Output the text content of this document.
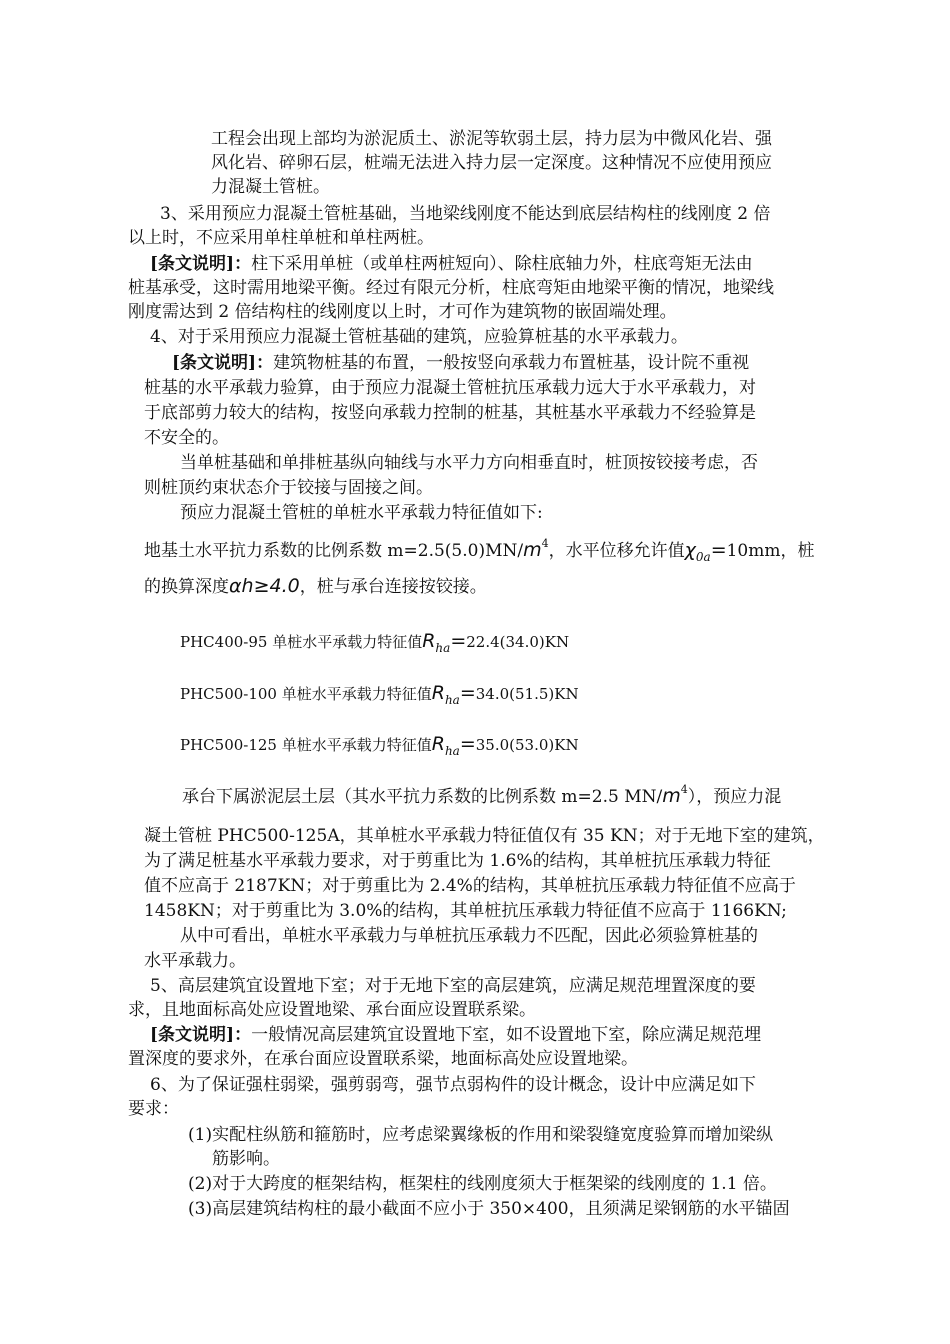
工程会出现上部均为淤泥质土、淤泥等软弱土层，持力层为中微风化岩、强
风化岩、碎卵石层，桩端无法进入持力层一定深度。这种情况不应使用预应
力混凝土管桩。
3、采用预应力混凝土管桩基础，当地梁线刚度不能达到底层结构柱的线刚度 2 倍
以上时，不应采用单柱单桩和单柱两桩。
[条文说明]：柱下采用单桩（或单柱两桩短向）、除柱底轴力外，柱底弯矩无法由
桩基承受，这时需用地梁平衡。经过有限元分析，柱底弯矩由地梁平衡的情况，地梁线
刚度需达到 2 倍结构柱的线刚度以上时，才可作为建筑物的嵌固端处理。
4、对于采用预应力混凝土管桩基础的建筑，应验算桩基的水平承载力。
[条文说明]：建筑物桩基的布置，一般按竖向承载力布置桩基，设计院不重视
桩基的水平承载力验算，由于预应力混凝土管桩抗压承载力远大于水平承载力，对
于底部剪力较大的结构，按竖向承载力控制的桩基，其桩基水平承载力不经验算是
不安全的。
当单桩基础和单排桩基纵向轴线与水平力方向相垂直时，桩顶按铰接考虑，否
则桩顶约束状态介于铰接与固接之间。
预应力混凝土管桩的单桩水平承载力特征值如下:
地基土水平抗力系数的比例系数 $m=2.5(5.0)MN/m^4$，水平位移允许值$\chi_{0a}=10mm$，桩
的换算深度αh≥4.0，桩与承台连接按铰接。
PHC400-95 单桩水平承载力特征值$R_{ha}=22.4(34.0)KN$
PHC500-100 单桩水平承载力特征值$R_{ha}=34.0(51.5)KN$
PHC500-125 单桩水平承载力特征值$R_{ha}=35.0(53.0)KN$
承台下属淤泥层土层（其水平抗力系数的比例系数 m=2.5 $MN/m^4$），预应力混
凝土管桩 PHC500-125A，其单桩水平承载力特征值仅有 35 KN；对于无地下室的建筑，
为了满足桩基水平承载力要求，对于剪重比为 1.6%的结构，其单桩抗压承载力特征
值不应高于 2187KN；对于剪重比为 2.4%的结构，其单桩抗压承载力特征值不应高于
1458KN；对于剪重比为 3.0%的结构，其单桩抗压承载力特征值不应高于 1166KN;
从中可看出，单桩水平承载力与单桩抗压承载力不匹配，因此必须验算桩基的
水平承载力。
5、高层建筑宜设置地下室；对于无地下室的高层建筑，应满足规范埋置深度的要
求，且地面标高处应设置地梁、承台面应设置联系梁。
[条文说明]：一般情况高层建筑宜设置地下室，如不设置地下室，除应满足规范埋
置深度的要求外，在承台面应设置联系梁，地面标高处应设置地梁。
6、为了保证强柱弱梁，强剪弱弯，强节点弱构件的设计概念，设计中应满足如下
要求：
(1)实配柱纵筋和箍筋时，应考虑梁翼缘板的作用和梁裂缝宽度验算而增加梁纵
筋影响。
(2)对于大跨度的框架结构，框架柱的线刚度须大于框架梁的线刚度的 1.1 倍。
(3)高层建筑结构柱的最小截面不应小于 350×400，且须满足梁钢筋的水平锚固
